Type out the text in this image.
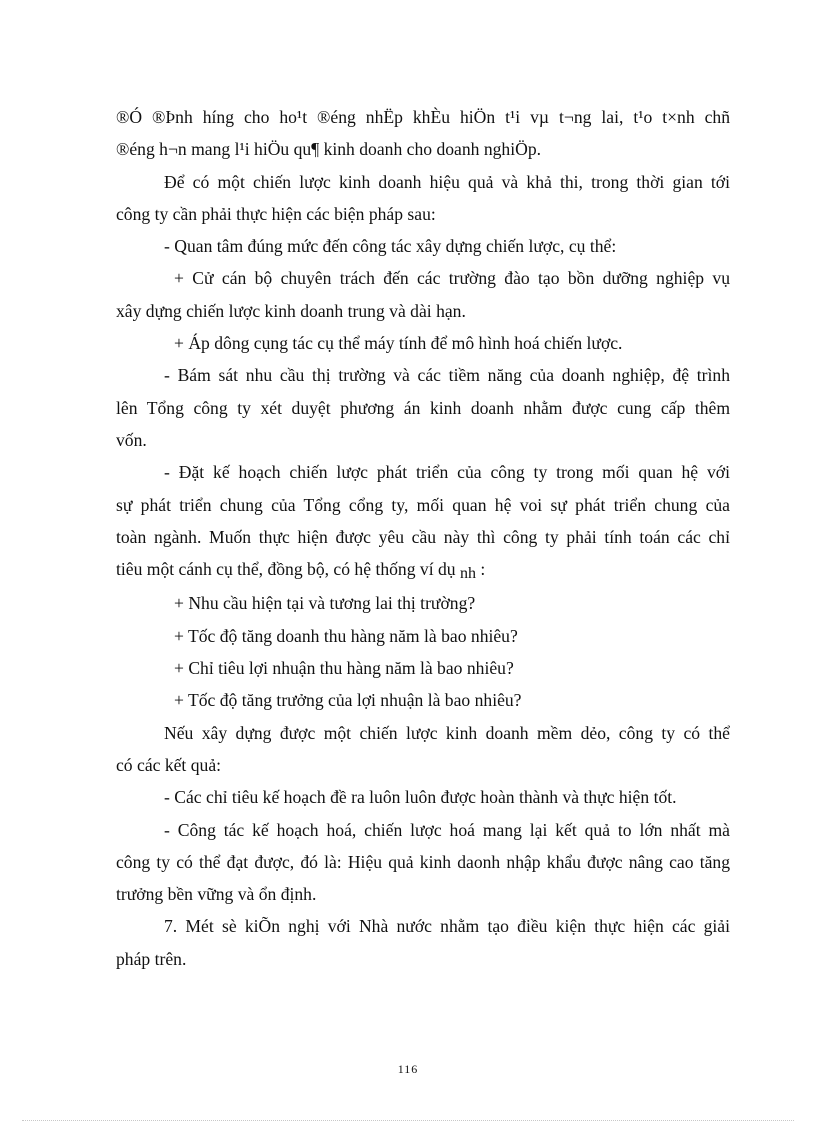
®Ó ®Þnh híng cho ho¹t ®éng nhËp khÈu hiÖn t¹i vµ t¬ng lai, t¹o t×nh chñ

®éng h¬n mang l¹i hiÖu qu¶ kinh doanh cho doanh nghiÖp.

Để có một chiến lược kinh doanh hiệu quả và khả thi, trong thời gian tới

công ty cần phải thực hiện các biện pháp sau:

- Quan tâm đúng mức đến công tác xây dựng chiến lược, cụ thể:

+ Cử cán bộ chuyên trách đến các trường đào tạo bồn dưỡng nghiệp vụ

xây dựng chiến lược kinh doanh trung và dài hạn.

+ Áp dông cụng tác cụ thể máy tính để mô hình hoá chiến lược.

- Bám sát nhu cầu thị trường và các tiềm năng của doanh nghiệp, đệ trình

lên Tổng công ty xét duyệt phương án kinh doanh nhằm được cung cấp thêm

vốn.

- Đặt kế hoạch chiến lược phát triển của công ty trong mối quan hệ với

sự phát triển chung của Tổng cổng ty, mối quan hệ voi sự phát triển chung của

toàn ngành. Muốn thực hiện được yêu cầu này thì công ty phải tính toán các chỉ

tiêu một cánh cụ thể, đồng bộ, có hệ thống ví dụ nh :

+ Nhu cầu hiện tại và tương lai thị trường?

+ Tốc độ tăng doanh thu hàng năm là bao nhiêu?

+ Chỉ tiêu lợi nhuận thu hàng năm là bao nhiêu?

+ Tốc độ tăng trưởng của lợi nhuận là bao nhiêu?

Nếu xây dựng được một chiến lược kinh doanh mềm dẻo, công ty có thể

có các kết quả:

- Các chỉ tiêu kế hoạch đề ra luôn luôn được hoàn thành và thực hiện tốt.

- Công tác kế hoạch hoá, chiến lược hoá mang lại kết quả to lớn nhất mà

công ty có thể đạt được, đó là: Hiệu quả kinh daonh nhập khẩu được nâng cao tăng

trưởng bền vững và ổn định.

7. Mét sè kiÕn nghị với Nhà nước nhằm tạo điều kiện thực hiện các giải

pháp trên.

116
